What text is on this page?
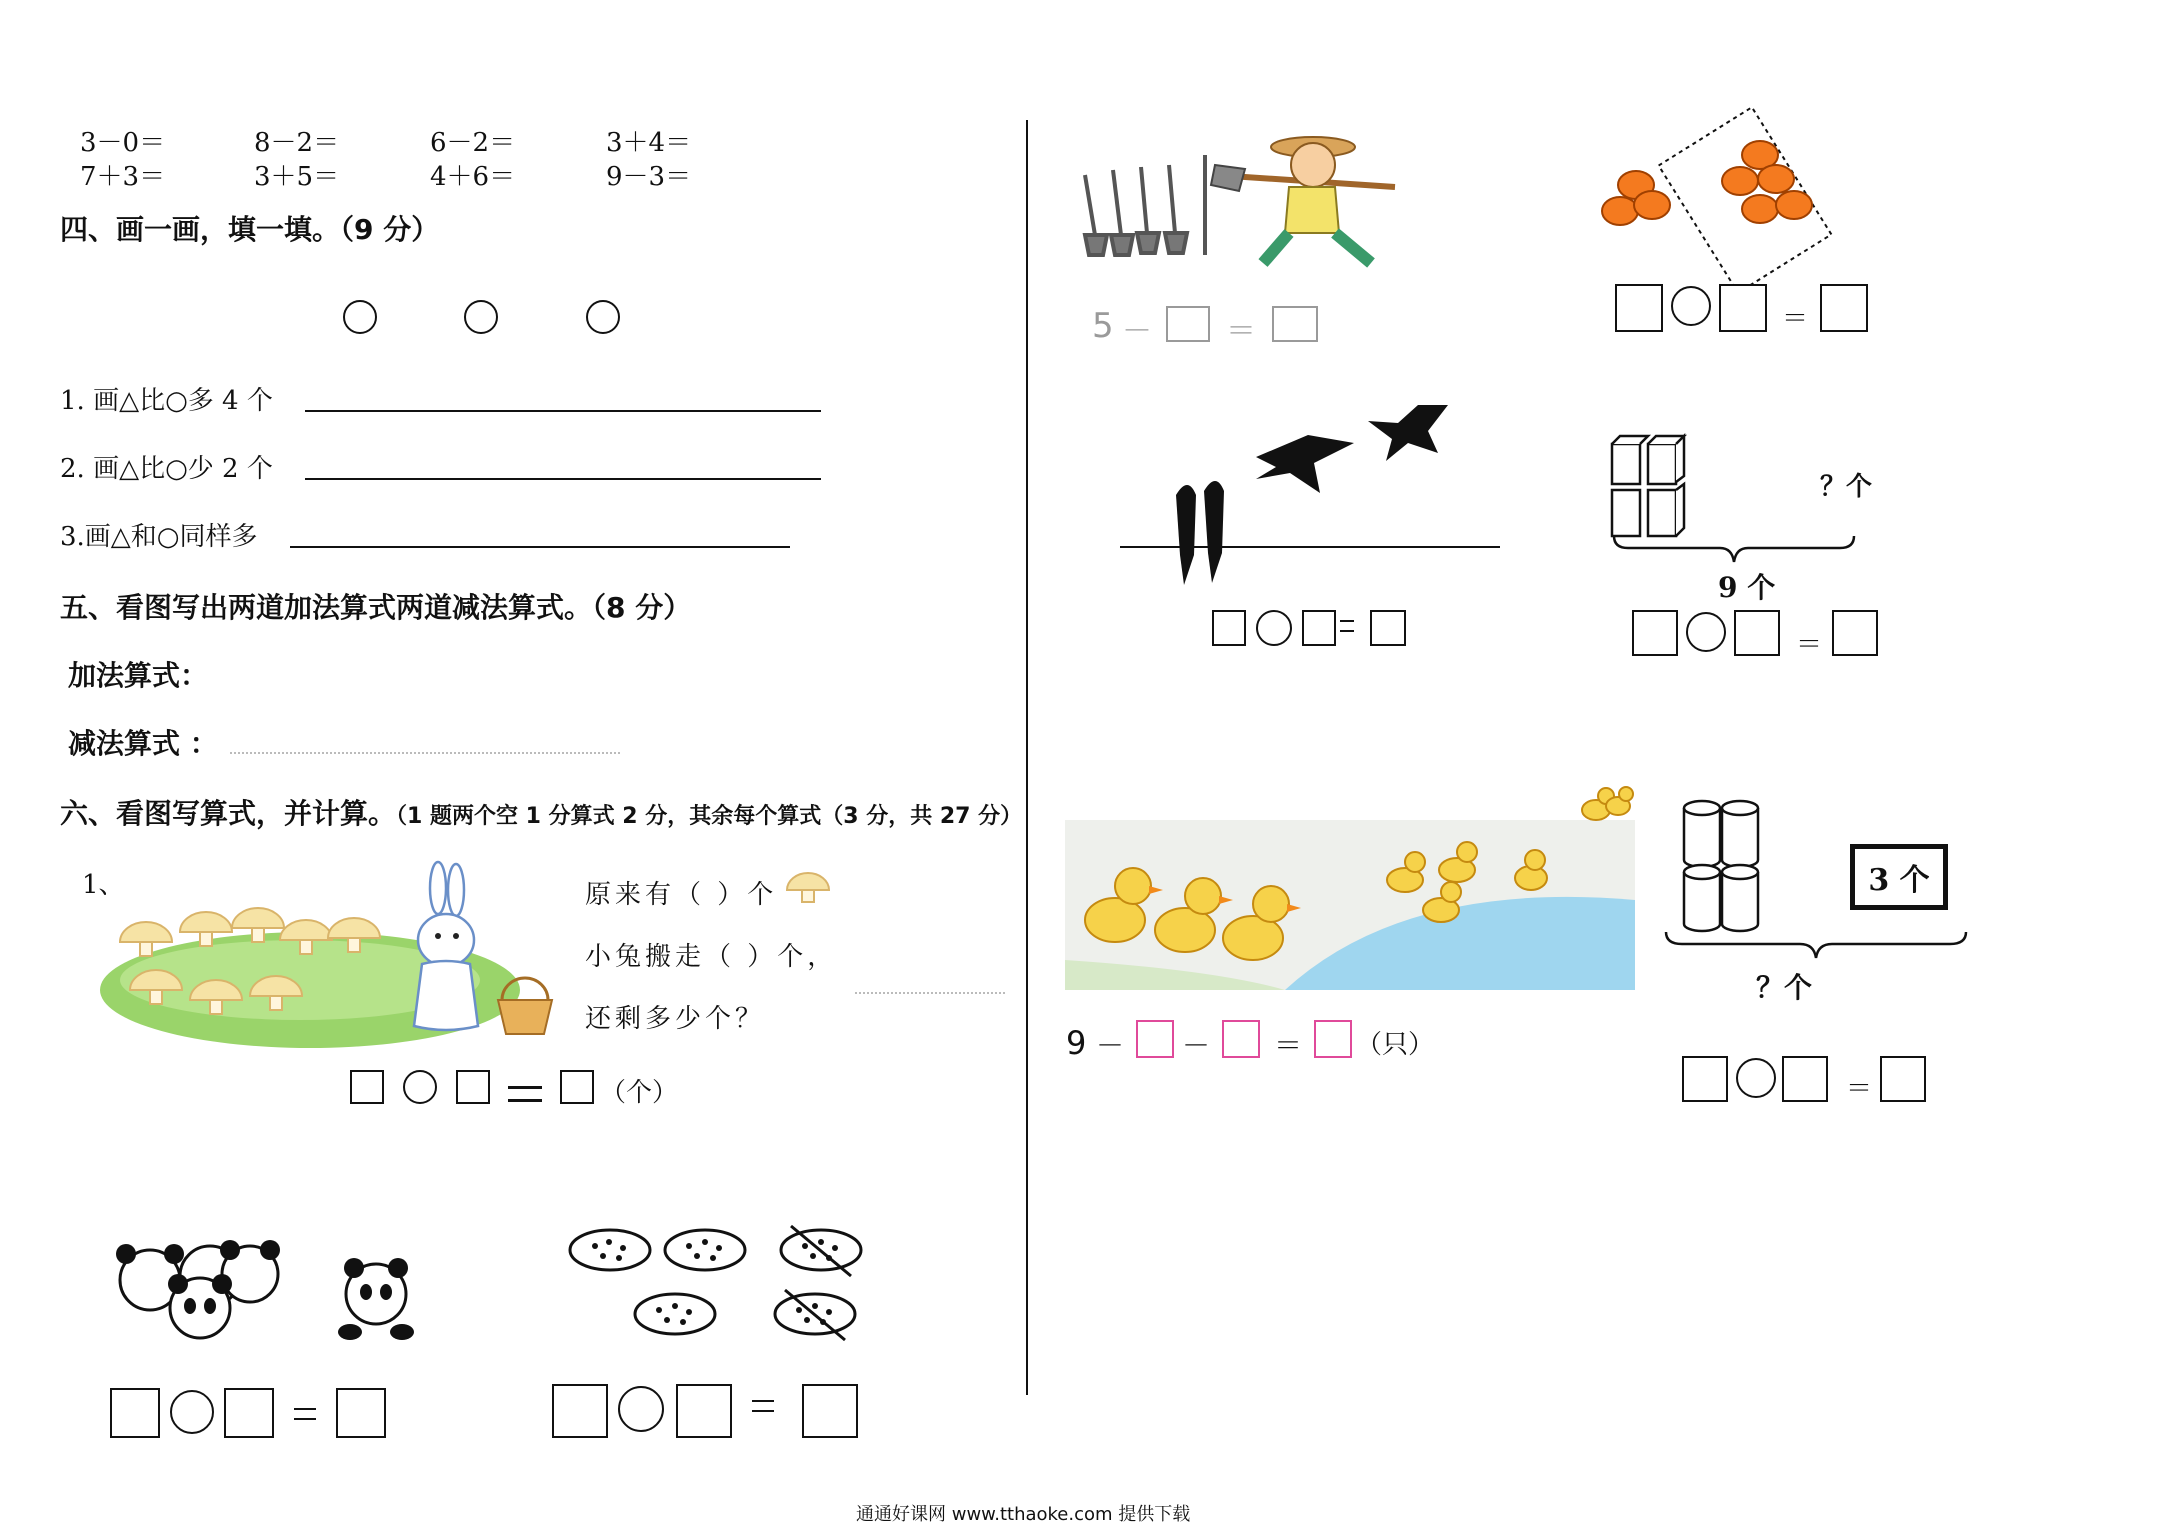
3－0＝	8－2＝	6－2＝	3＋4＝
7＋3＝	3＋5＝	4＋6＝	9－3＝
四、画一画，填一填。（9 分）
1. 画△比○多 4 个
2. 画△比○少 2 个
3.画△和○同样多
五、看图写出两道加法算式两道减法算式。（8 分）
加法算式：
减法算式 ：
六、看图写算式，并计算。（1 题两个空 1 分算式 2 分，其余每个算式（3 分，共 27 分）
1、	原来有（ ）个
小兔搬走（ ）个，
还剩多少个？
（个）
5 － ＝	＝
？个
9 个
＝
9 － － ＝ （只）
3 个
？个
＝
通通好课网 www.tthaoke.com 提供下载
